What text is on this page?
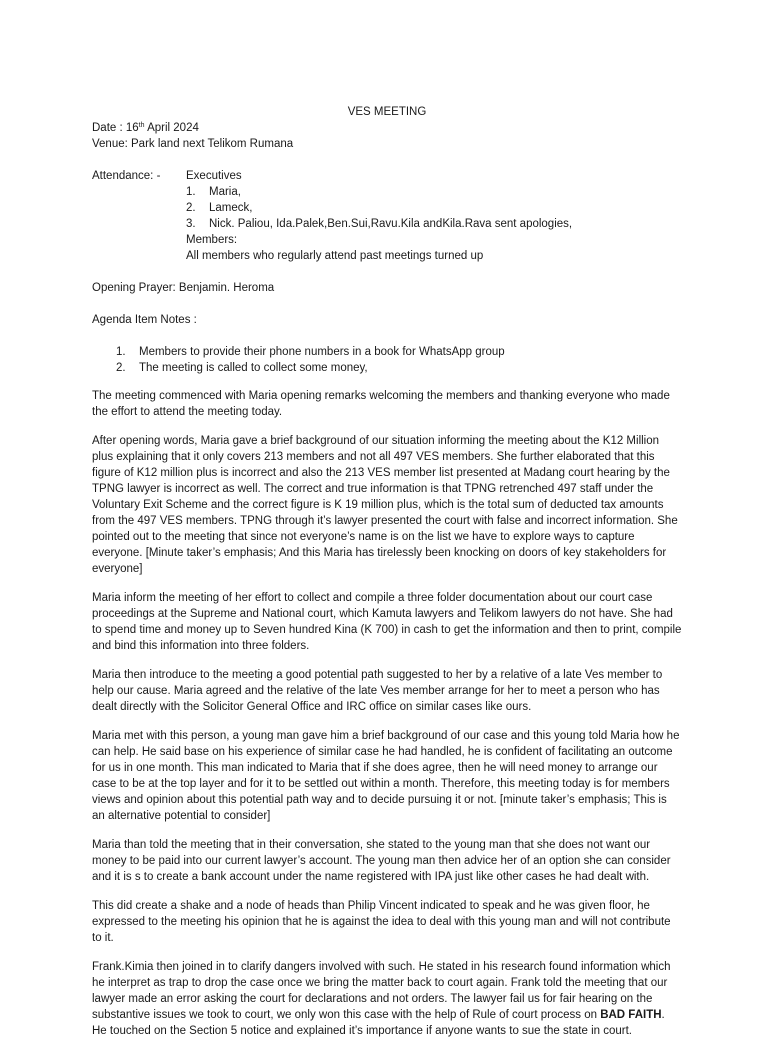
VES MEETING
Date : 16th April 2024
Venue: Park land next Telikom Rumana
Attendance: -	Executives
1.	Maria,
2.	Lameck,
3.	Nick. Paliou, Ida.Palek,Ben.Sui,Ravu.Kila andKila.Rava sent apologies,
Members:
All members who regularly attend past meetings turned up
Opening Prayer: Benjamin. Heroma
Agenda Item Notes :
1.	Members to provide their phone numbers in a book for WhatsApp group
2.	The meeting is called to collect some money,

The meeting commenced with Maria opening remarks welcoming the members and thanking everyone who made the effort to attend the meeting today.

After opening words, Maria gave a brief background of our situation informing the meeting about the K12 Million plus explaining that it only covers 213 members and not all 497 VES members. She further elaborated that this figure of K12 million plus is incorrect and also the 213 VES member list presented at Madang court hearing by the TPNG lawyer is incorrect as well. The correct and true information is that TPNG retrenched 497 staff under the Voluntary Exit Scheme and the correct figure is K 19 million plus, which is the total sum of deducted tax amounts from the 497 VES members. TPNG through it’s lawyer presented the court with false and incorrect information. She pointed out to the meeting that since not everyone’s name is on the list we have to explore ways to capture everyone. [Minute taker’s emphasis; And this Maria has tirelessly been knocking on doors of key stakeholders for everyone]

Maria inform the meeting of her effort to collect and compile a three folder documentation about our court case proceedings at the Supreme and National court, which Kamuta lawyers and Telikom lawyers do not have. She had to spend time and money up to Seven hundred Kina (K 700) in cash to get the information and then to print, compile and bind this information into three folders.

Maria then introduce to the meeting a good potential path suggested to her by a relative of a late Ves member to help our cause. Maria agreed and the relative of the late Ves member arrange for her to meet a person who has dealt directly with the Solicitor General Office and IRC office on similar cases like ours.

Maria met with this person, a young man gave him a brief background of our case and this young told Maria how he can help. He said base on his experience of similar case he had handled, he is confident of facilitating an outcome for us in one month. This man indicated to Maria that if she does agree, then he will need money to arrange our case to be at the top layer and for it to be settled out within a month. Therefore, this meeting today is for members views and opinion about this potential path way and to decide pursuing it or not. [minute taker’s emphasis; This is an alternative potential to consider]

Maria than told the meeting that in their conversation, she stated to the young man that she does not want our money to be paid into our current lawyer’s account. The young man then advice her of an option she can consider and it is s to create a bank account under the name registered with IPA just like other cases he had dealt with.

This did create a shake and a node of heads than Philip Vincent indicated to speak and he was given floor, he expressed to the meeting his opinion that he is against the idea to deal with this young man and will not contribute to it.

Frank.Kimia then joined in to clarify dangers involved with such. He stated in his research found information which he interpret as trap to drop the case once we bring the matter back to court again. Frank told the meeting that our lawyer made an error asking the court for declarations and not orders. The lawyer fail us for fair hearing on the substantive issues we took to court, we only won this case with the help of Rule of court process on BAD FAITH. He touched on the Section 5 notice and explained it’s importance if anyone wants to sue the state in court.
